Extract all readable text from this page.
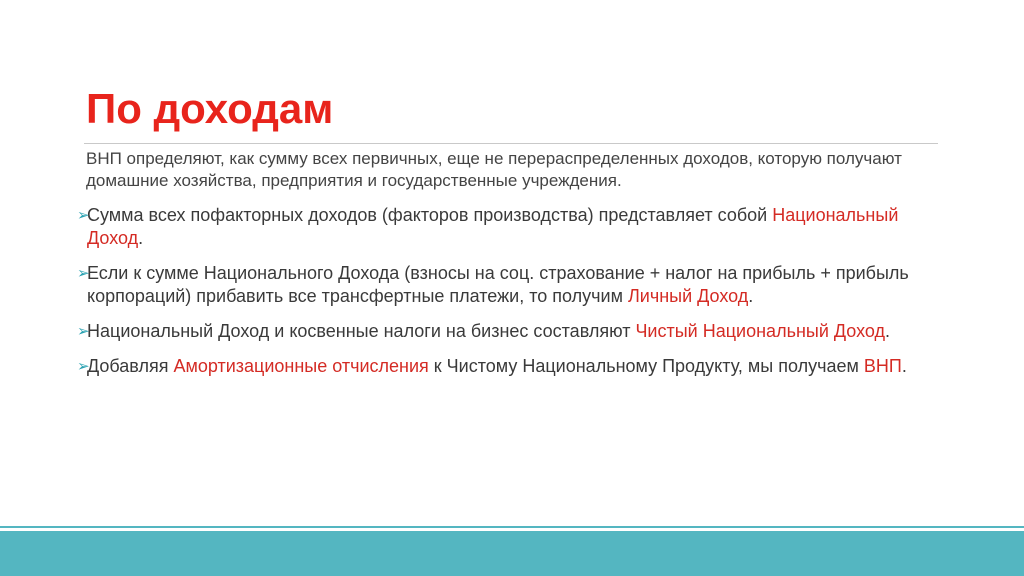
По доходам

ВНП определяют, как сумму всех первичных, еще не перераспределенных доходов, которую получают домашние хозяйства, предприятия и государственные учреждения.

➢
Сумма всех пофакторных доходов (факторов производства) представляет собой Национальный Доход.
➢
Если к сумме Национального Дохода (взносы на соц. страхование + налог на прибыль + прибыль корпораций) прибавить все трансфертные платежи, то получим Личный Доход.
➢
Национальный Доход и косвенные налоги на бизнес составляют Чистый Национальный Доход.
➢
Добавляя Амортизационные отчисления к Чистому Национальному Продукту, мы получаем ВНП.
